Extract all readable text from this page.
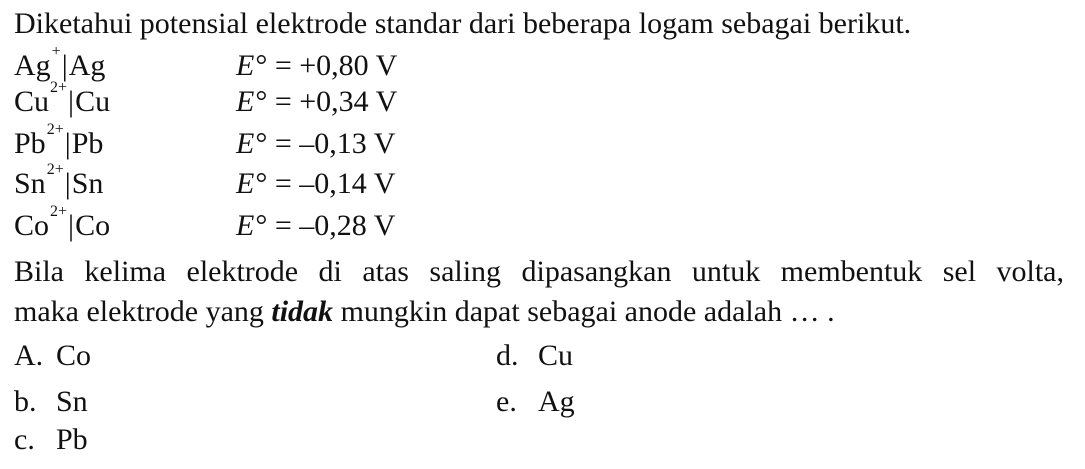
Diketahui potensial elektrode standar dari beberapa logam sebagai berikut.
Ag+|Ag	E° = +0,80 V
$Cu^{2+}|Cu$	E° = +0,34 V
$Pb^{2+}|Pb$	E° = –0,13 V
$Sn^{2+}|Sn$	E° = –0,14 V
$Co^{2+}|Co$	E° = –0,28 V
Bila kelima elektrode di atas saling dipasangkan untuk membentuk sel volta,
maka elektrode yang tidak mungkin dapat sebagai anode adalah … .
A. Co
b. Sn
c. Pb
d. Cu
e. Ag
